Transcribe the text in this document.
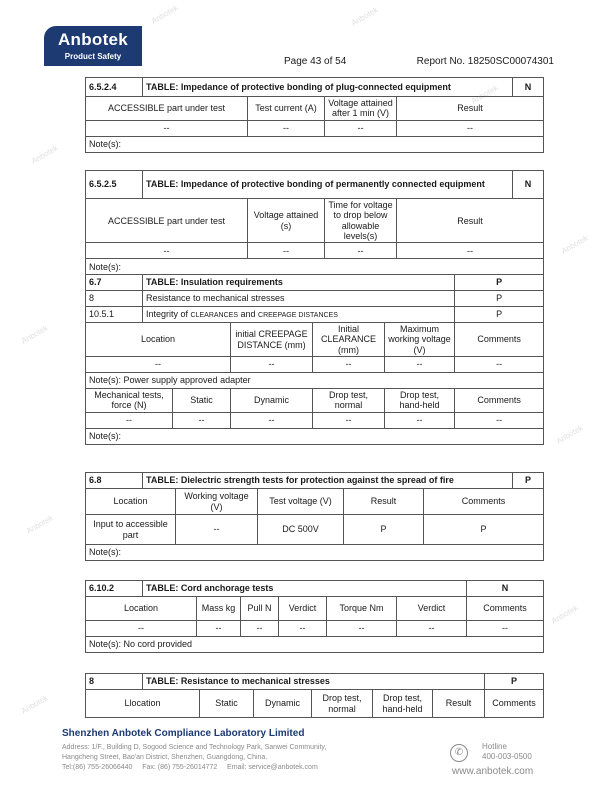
Anbotek	Anbotek
Anbotek
Anbotek
Anbotek
Anbotek
Anbotek
Anbotek
Anbotek
Anbotek
Anbotek
Product Safety	Page 43 of 54	Report No. 18250SC00074301
6.5.2.4	TABLE: Impedance of protective bonding of plug-connected equipment				N
ACCESSIBLE part under test		Test current (A)	Voltage attained after 1 min (V)	Result	
--		--	--	--	
Note(s):					
6.5.2.5	TABLE: Impedance of protective bonding of permanently connected equipment				N
ACCESSIBLE part under test		Voltage attained (s)	Time for voltage to drop below allowable levels(s)	Result	
--		--	--	--	
Note(s):					
6.7	TABLE: Insulation requirements					P
8	Resistance to mechanical stresses					P
10.5.1	Integrity of CLEARANCES and CREEPAGE DISTANCES					P
Location			initial CREEPAGE DISTANCE (mm)	Initial CLEARANCE (mm)	Maximum working voltage (V)	Comments
--			--	--	--	--
Note(s): Power supply approved adapter						
Mechanical tests, force (N)		Static	Dynamic	Drop test, normal	Drop test, hand-held	Comments
--		--	--	--	--	--
Note(s):						
6.8	TABLE: Dielectric strength tests for protection against the spread of fire					P
Location		Working voltage (V)	Test voltage (V)	Result	Comments	
Input to accessible part		--	DC 500V	P	P	
Note(s):						
6.10.2	TABLE: Cord anchorage tests						N
Location		Mass kg	Pull N	Verdict	Torque Nm	Verdict	Comments
--		--	--	--	--	--	--
Note(s): No cord provided							
8	TABLE: Resistance to mechanical stresses						P
Llocation		Static	Dynamic	Drop test, normal	Drop test, hand-held	Result	Comments
Shenzhen Anbotek Compliance Laboratory Limited
Address: 1/F., Building D, Sogood Science and Technology Park, Sanwei Community,
Hangcheng Street, Bao'an District, Shenzhen, Guangdong, China.
Tel:(86) 755-26066440 Fax: (86) 755-26014772 Email: service@anbotek.com
✆
Hotline
400-003-0500
www.anbotek.com
